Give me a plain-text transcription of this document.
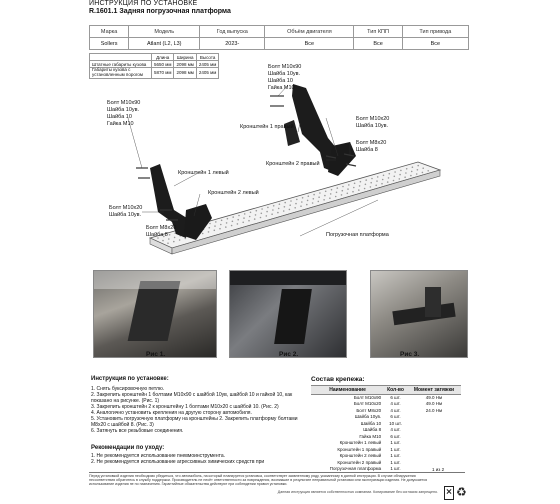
ИНСТРУКЦИЯ ПО УСТАНОВКЕ
R.1601.1 Задняя погрузочная платформа
Марка	Модель	Год выпуска	Объём двигателя	Тип КПП	Тип привода
Sollers	Atlant (L2, L3)	2023-	Все	Все	Все
	Длина	Ширина	Высота
Штатные габариты кузова	5650 мм	2098 мм	2405 мм
Габариты кузова с установленным порогом	5870 мм	2098 мм	2405 мм
Болт М10х90
Шайба 10ув.
Шайба 10
Гайка М10
Болт М10х90
Шайба 10ув.
Шайба 10
Гайка М10	Кронштейн 1 правый
Болт М10х20
Шайба 10ув.
Кронштейн 2 правый
Болт М8х20
Шайба 8
Кронштейн 1 левый
Кронштейн 2 левый
Болт М10х20
Шайба 10ув.
Болт М8х20
Шайба 8	Погрузочная платформа
Рис 1.	Рис 2.	Рис 3.
Инструкция по установке:

1. Снять буксировочную петлю.

2. Закрепить кронштейн 1 болтами М10х90 с шайбой 10ув, шайбой 10 и гайкой 10, как показано на рисунке. (Рис. 1)

3. Закрепить кронштейн 2 к кронштейну 1 болтами М10х20 с шайбой 10. (Рис. 2)

4. Аналогично установить крепления на другую сторону автомобиля.

5. Установить погрузочную платформу на кронштейны 2. Закрепить платформу болтами М8х20 с шайбой 8. (Рис. 3)

6. Затянуть все резьбовые соединения.

Рекомендации по уходу:

1. Не рекомендуется использование пневмоинструмента.

2. Не рекомендуется использование агрессивных химических средств при

Состав крепежа:
Наименование	Кол-во	Момент затяжки
Болт М10х90	6 шт.	49.0 Нм
Болт М10х20	4 шт.	49.0 Нм
Болт М8х20	4 шт.	24.0 Нм
Шайба 10ув.	6 шт.	
Шайба 10	10 шт.	
Шайба 8	4 шт.	
Гайка М10	6 шт.	
Кронштейн 1 левый	1 шт.	
Кронштейн 1 правый	1 шт.	
Кронштейн 2 левый	1 шт.	
Кронштейн 2 правый	1 шт.	
Погрузочная платформа	1 шт.		1 из 2
Перед установкой изделия необходимо убедиться, что автомобиль, на который планируется установка, соответствует заявленному ряду, указанному в данной инструкции. В случае обнаружения несоответствия обратитесь в службу поддержки. Производитель не несёт ответственности за повреждения, возникшие в результате неправильной установки или эксплуатации изделия. Не допускается использование изделия не по назначению. Гарантийные обязательства действуют при соблюдении правил установки.
Данная инструкция является собственностью компании. Копирование без согласия запрещено. ♻
